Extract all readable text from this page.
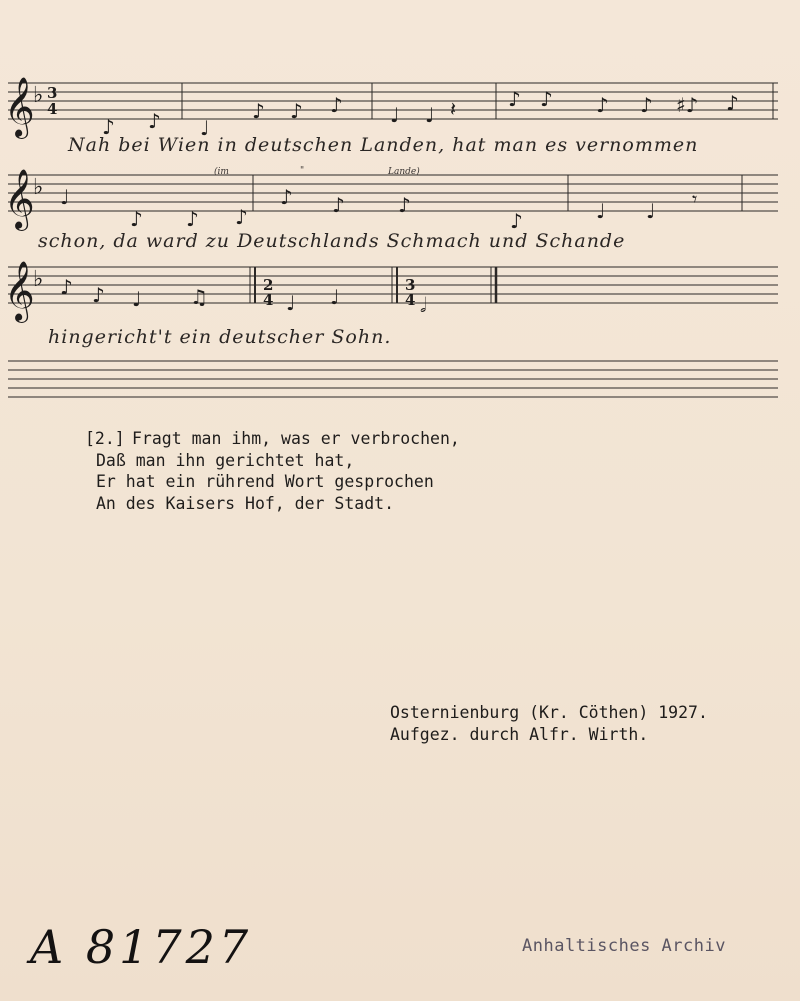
𝄞
𝄞
𝄞
♭
♭
♭
3
4
2
4
3
4
♪ ♪ ♩
♪ ♪ ♪ ♩ ♩ 𝄽	♪ ♪ ♪ ♪ ♯♪ ♪
♩
♪ ♪ ♪
♪ ♪	♪
♪	♩ ♩ 𝄾
♪ ♪ ♩ ♫	♩ ♩	𝅗𝅥
Nah bei Wien in deutschen Landen, hat man es vernommen
(im	"	Lande)
schon, da ward zu Deutschlands Schmach und Schande
hingericht't ein deutscher Sohn.
[2.] Fragt man ihm, was er verbrochen,
Daß man ihn gerichtet hat,
Er hat ein rührend Wort gesprochen
An des Kaisers Hof, der Stadt.
Osternienburg (Kr. Cöthen) 1927.
Aufgez. durch Alfr. Wirth.
A 81727	Anhaltisches Archiv
